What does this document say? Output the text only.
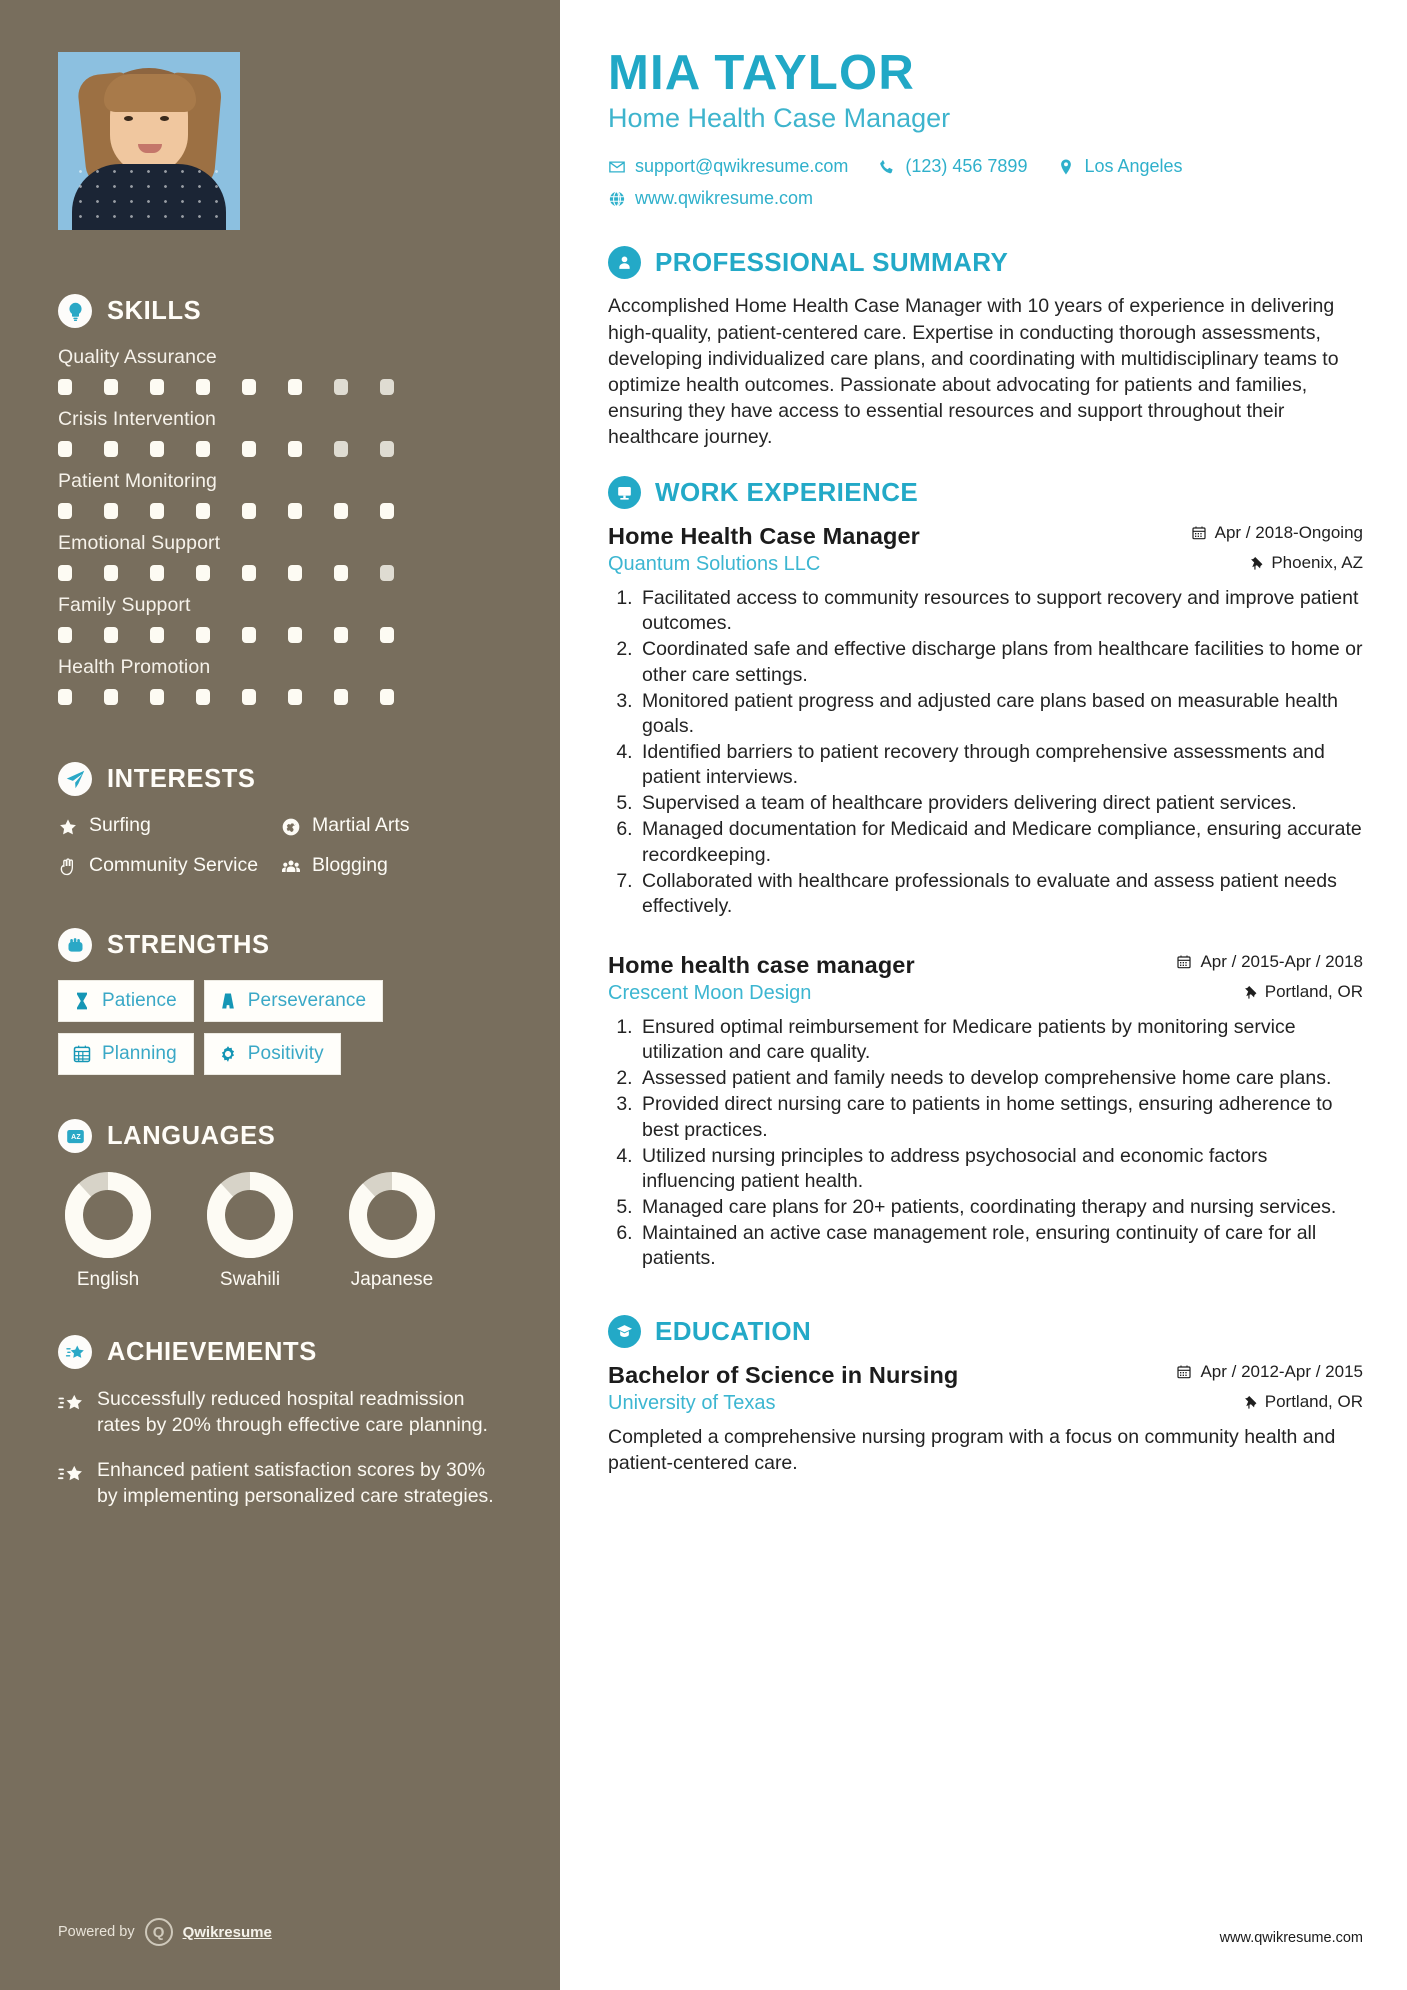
SKILLS
Quality Assurance
Crisis Intervention
Patient Monitoring
Emotional Support
Family Support
Health Promotion
INTERESTS
Surfing	Martial Arts
Community Service	Blogging
STRENGTHS
Patience	Perseverance
Planning	Positivity
A Z LANGUAGES
English	Swahili	Japanese
ACHIEVEMENTS
Successfully reduced hospital readmission rates by 20% through effective care planning.
Enhanced patient satisfaction scores by 30% by implementing personalized care strategies.
Powered by	Q	Qwikresume
MIA TAYLOR
Home Health Case Manager
support@qwikresume.com	(123) 456 7899	Los Angeles
www.qwikresume.com
PROFESSIONAL SUMMARY

Accomplished Home Health Case Manager with 10 years of experience in delivering high-quality, patient-centered care. Expertise in conducting thorough assessments, developing individualized care plans, and coordinating with multidisciplinary teams to optimize health outcomes. Passionate about advocating for patients and families, ensuring they have access to essential resources and support throughout their healthcare journey.

WORK EXPERIENCE
Home Health Case Manager	Apr / 2018-Ongoing
Quantum Solutions LLC	Phoenix, AZ
1. Facilitated access to community resources to support recovery and improve patient outcomes.
2. Coordinated safe and effective discharge plans from healthcare facilities to home or other care settings.
3. Monitored patient progress and adjusted care plans based on measurable health goals.
4. Identified barriers to patient recovery through comprehensive assessments and patient interviews.
5. Supervised a team of healthcare providers delivering direct patient services.
6. Managed documentation for Medicaid and Medicare compliance, ensuring accurate recordkeeping.
7. Collaborated with healthcare professionals to evaluate and assess patient needs effectively.
Home health case manager	Apr / 2015-Apr / 2018
Crescent Moon Design	Portland, OR
1. Ensured optimal reimbursement for Medicare patients by monitoring service utilization and care quality.
2. Assessed patient and family needs to develop comprehensive home care plans.
3. Provided direct nursing care to patients in home settings, ensuring adherence to best practices.
4. Utilized nursing principles to address psychosocial and economic factors influencing patient health.
5. Managed care plans for 20+ patients, coordinating therapy and nursing services.
6. Maintained an active case management role, ensuring continuity of care for all patients.
EDUCATION
Bachelor of Science in Nursing	Apr / 2012-Apr / 2015
University of Texas	Portland, OR
Completed a comprehensive nursing program with a focus on community health and patient-centered care.
www.qwikresume.com
